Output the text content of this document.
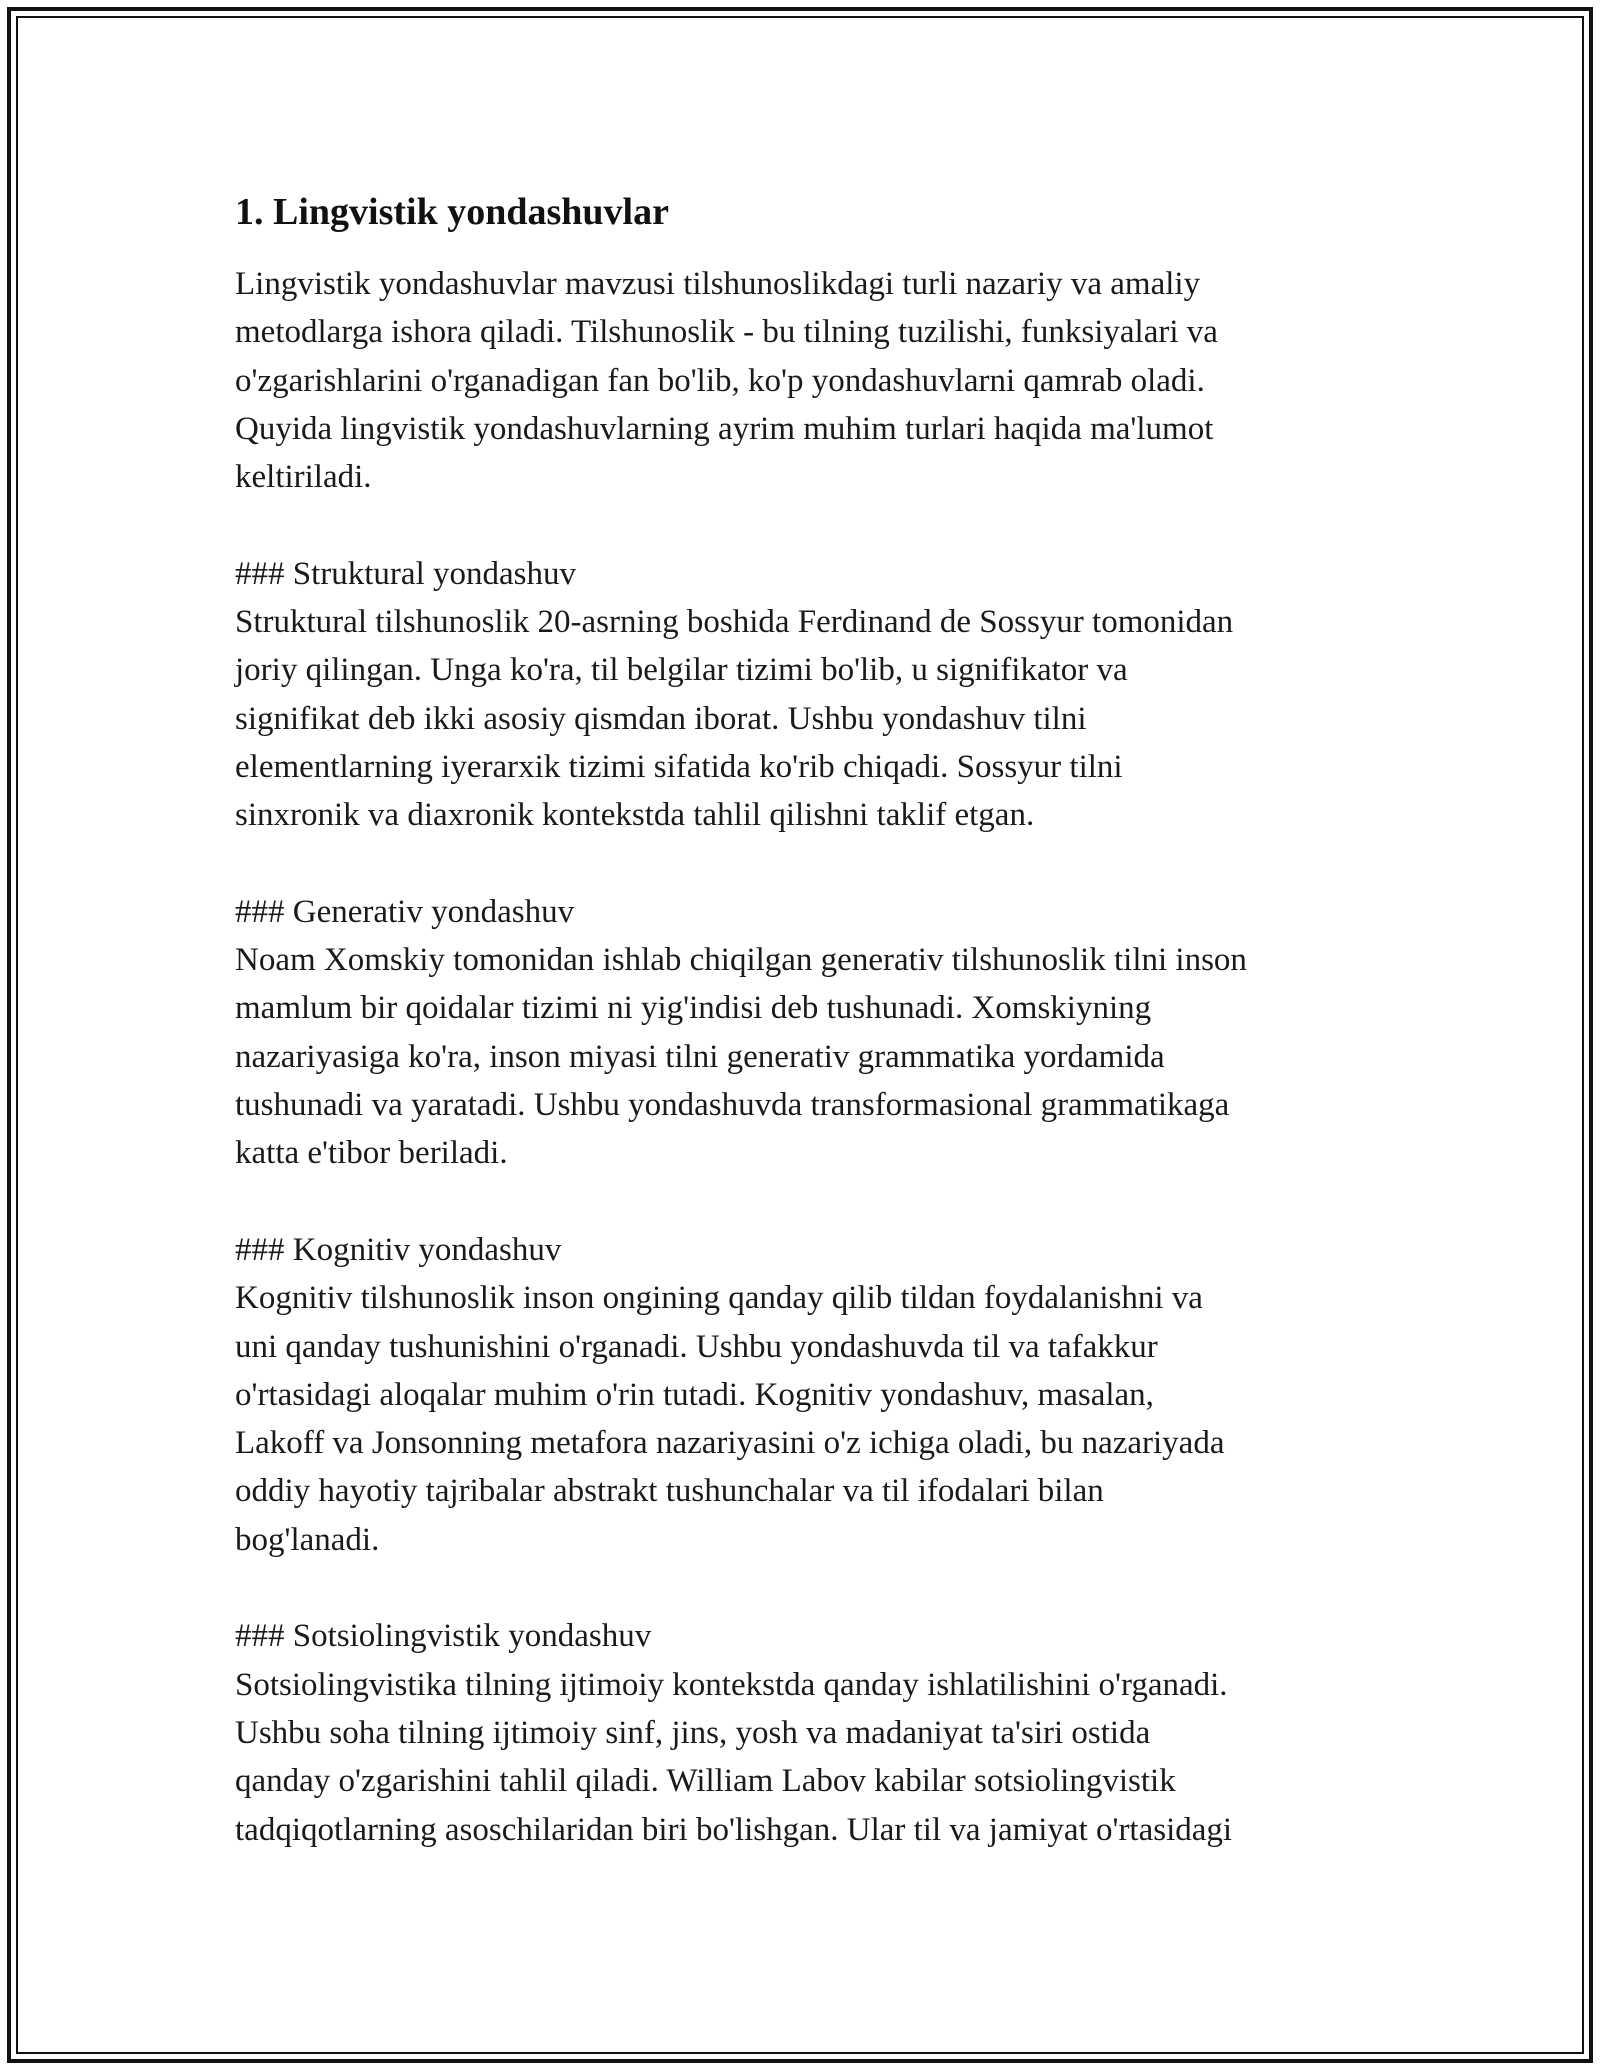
1. Lingvistik yondashuvlar

Lingvistik yondashuvlar mavzusi tilshunoslikdagi turli nazariy va amaliy
metodlarga ishora qiladi. Tilshunoslik - bu tilning tuzilishi, funksiyalari va
o'zgarishlarini o'rganadigan fan bo'lib, ko'p yondashuvlarni qamrab oladi.
Quyida lingvistik yondashuvlarning ayrim muhim turlari haqida ma'lumot
keltiriladi.

### Struktural yondashuv

Struktural tilshunoslik 20-asrning boshida Ferdinand de Sossyur tomonidan
joriy qilingan. Unga ko'ra, til belgilar tizimi bo'lib, u signifikator va
signifikat deb ikki asosiy qismdan iborat. Ushbu yondashuv tilni
elementlarning iyerarxik tizimi sifatida ko'rib chiqadi. Sossyur tilni
sinxronik va diaxronik kontekstda tahlil qilishni taklif etgan.

### Generativ yondashuv

Noam Xomskiy tomonidan ishlab chiqilgan generativ tilshunoslik tilni inson
mamlum bir qoidalar tizimi ni yig'indisi deb tushunadi. Xomskiyning
nazariyasiga ko'ra, inson miyasi tilni generativ grammatika yordamida
tushunadi va yaratadi. Ushbu yondashuvda transformasional grammatikaga
katta e'tibor beriladi.

### Kognitiv yondashuv

Kognitiv tilshunoslik inson ongining qanday qilib tildan foydalanishni va
uni qanday tushunishini o'rganadi. Ushbu yondashuvda til va tafakkur
o'rtasidagi aloqalar muhim o'rin tutadi. Kognitiv yondashuv, masalan,
Lakoff va Jonsonning metafora nazariyasini o'z ichiga oladi, bu nazariyada
oddiy hayotiy tajribalar abstrakt tushunchalar va til ifodalari bilan
bog'lanadi.

### Sotsiolingvistik yondashuv

Sotsiolingvistika tilning ijtimoiy kontekstda qanday ishlatilishini o'rganadi.
Ushbu soha tilning ijtimoiy sinf, jins, yosh va madaniyat ta'siri ostida
qanday o'zgarishini tahlil qiladi. William Labov kabilar sotsiolingvistik
tadqiqotlarning asoschilaridan biri bo'lishgan. Ular til va jamiyat o'rtasidagi
